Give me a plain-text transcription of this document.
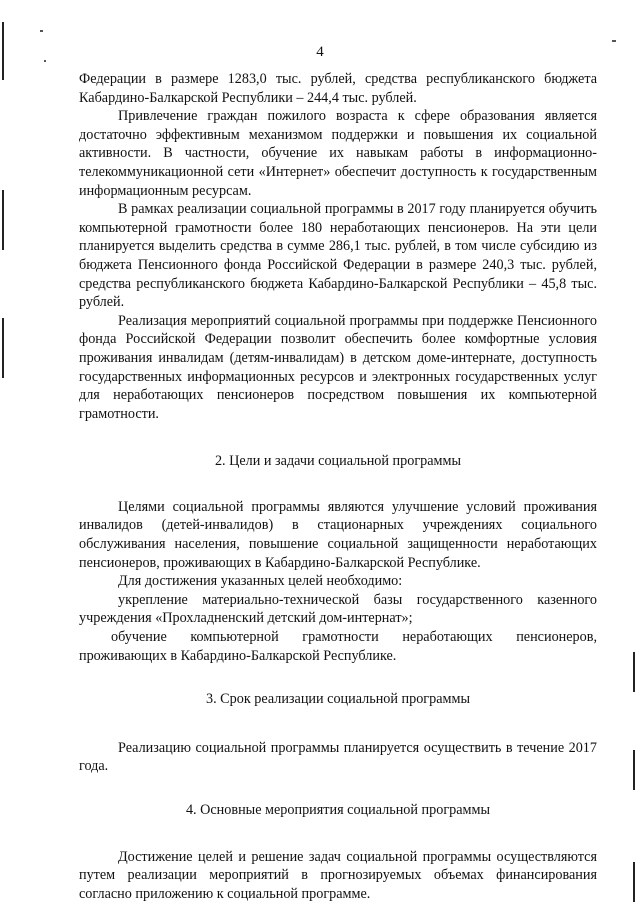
4

Федерации в размере 1283,0 тыс. рублей, средства республиканского бюджета Кабардино-Балкарской Республики – 244,4 тыс. рублей.

Привлечение граждан пожилого возраста к сфере образования является достаточно эффективным механизмом поддержки и повышения их социальной активности. В частности, обучение их навыкам работы в информационно-телекоммуникационной сети «Интернет» обеспечит доступность к государственным информационным ресурсам.

В рамках реализации социальной программы в 2017 году планируется обучить компьютерной грамотности более 180 неработающих пенсионеров. На эти цели планируется выделить средства в сумме 286,1 тыс. рублей, в том числе субсидию из бюджета Пенсионного фонда Российской Федерации в размере 240,3 тыс. рублей, средства республиканского бюджета Кабардино-Балкарской Республики – 45,8 тыс. рублей.

Реализация мероприятий социальной программы при поддержке Пенсионного фонда Российской Федерации позволит обеспечить более комфортные условия проживания инвалидам (детям-инвалидам) в детском доме-интернате, доступность государственных информационных ресурсов и электронных государственных услуг для неработающих пенсионеров посредством повышения их компьютерной грамотности.

2. Цели и задачи социальной программы

Целями социальной программы являются улучшение условий проживания инвалидов (детей-инвалидов) в стационарных учреждениях социального обслуживания населения, повышение социальной защищенности неработающих пенсионеров, проживающих в Кабардино-Балкарской Республике.

Для достижения указанных целей необходимо:

укрепление материально-технической базы государственного казенного учреждения «Прохладненский детский дом-интернат»;

обучение компьютерной грамотности неработающих пенсионеров, проживающих в Кабардино-Балкарской Республике.

3. Срок реализации социальной программы

Реализацию социальной программы планируется осуществить в течение 2017 года.

4. Основные мероприятия социальной программы

Достижение целей и решение задач социальной программы осуществляются путем реализации мероприятий в прогнозируемых объемах финансирования согласно приложению к социальной программе.
